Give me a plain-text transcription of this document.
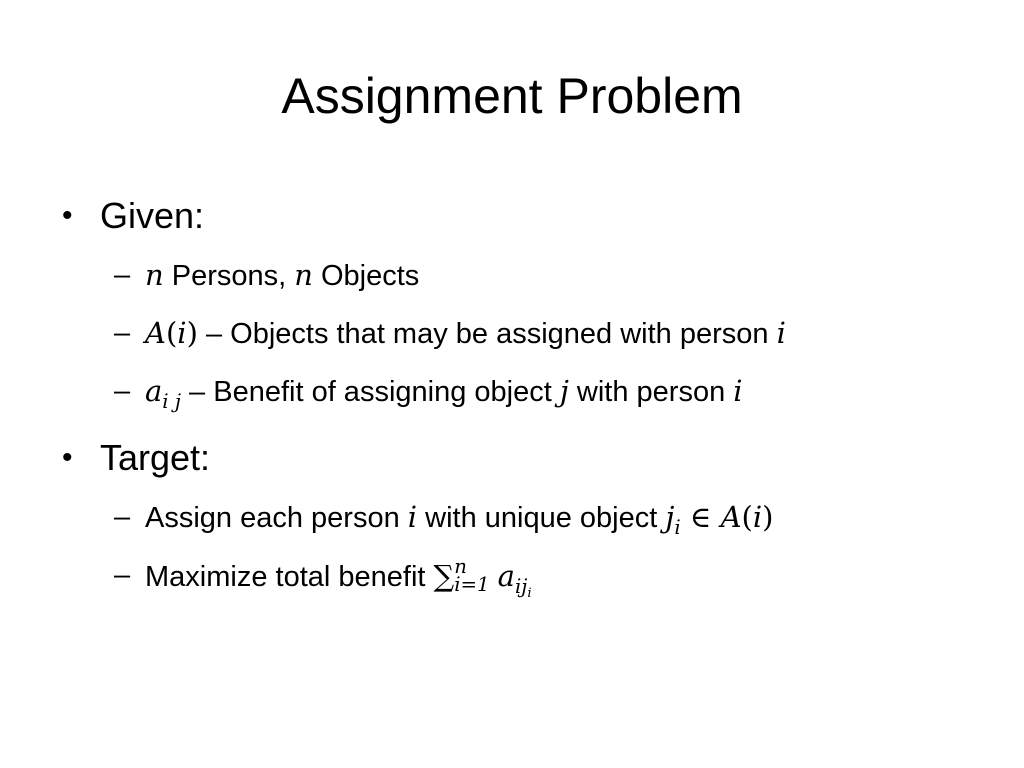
Assignment Problem
• Given:
– n Persons, n Objects
– A(i) – Objects that may be assigned with person i
– $a_{i j}$ – Benefit of assigning object j with person i
• Target:
– Assign each person i with unique object $j_i$ ∈ A(i)
– Maximize total benefit ∑ n
i=1 $a_{ij_i}$
